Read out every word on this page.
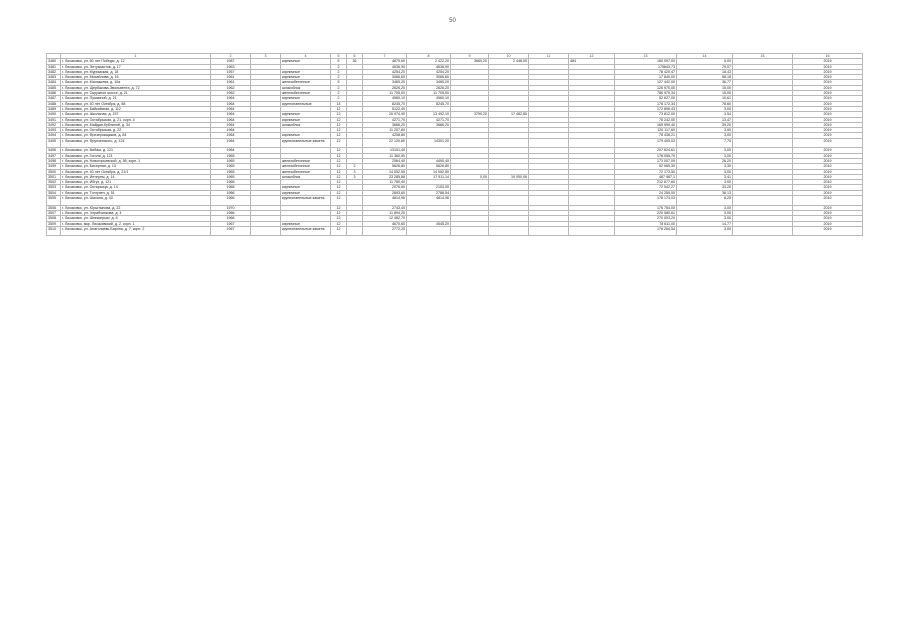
50
	1	2	3	4	5	6	7	8	9	10	11	12	13	14	15	16
3480	г. Лисаковск, ул. 60 лет Победы, д. 12	1987		кирпичные	5	36	4870,60	2 422,20	3660,20	2 448,00		484	160 097,00	5,00		2019
3481	г. Лисаковск, ул. Энтузиастов, д. 17	1963			2		4636,90	4636,90					175843,73	79,07		2019
3482	г. Лисаковск, ул. Муромская, д. 18	1957		кирпичные	2		4254,20	4254,20					78 420,47	18,43		2019
3483	г. Лисаковск, ул. Михайлова, д. 16	1961		кирпичные	2		3066,60	3066,60					17 840,00	58,18		2019
3484	г. Лисаковск, ул. Малышева, д. 10а	1961		железобетонные	5		3465,20	3465,20					127 442,00	36,77		2019
3485	г. Лисаковск, ул. Щербакова-Эвольвента, д. 72	1962		шлакоблок	2		2626,20	2626,20					126 970,00	15,00		2019
3486	г. Лисаковск, ул. Окружное шоссе, д. 21	1962		железобетонные	2		11 705,00	11 705,00					786 970,34	15,00		2019
3487	г. Лисаковск, ул. Пушкиной, д. 21	1964		кирпичные	2		4960,10	4960,10					52 627,00	10,61		2019
3488	г. Лисаковск, ул. 40 лет Октября, д. 68	1964		крупнопанельные	14		8245,70	8245,70					178 172,34	78,60		2019
3489	г. Лисаковск, ул. Байкайская, д. 112	1964			12		5122,40						172 896,43	3,00		2019
3490	г. Лисаковск, ул. Школьная, д. 157	1964		кирпичные	12		20 974,90	13 492,10	3790,20	17 482,80			73 812,00	3,54		2019
3491	г. Лисаковск, ул. Октябрьская, д. 21, корп. 4	1964		кирпичные	12		4271,70	4271,70					76 242,00	13,47		2019
3492	г. Лисаковск, ул. Майдан-Кублиной, д. 34	1964		шлакоблок	12		3666,20	3666,20					165 990,40	39,20		2019
3493	г. Лисаковск, ул. Октябрьская, д. 22	1964			12		11 207,60						120 117,60	3,00		2019
3494	г. Лисаковск, ул. Фрезеровщиков, д. 84	1964		кирпичные	12		4258,80						78 436,21	3,00		2019
3495	г. Лисаковск, ул. Фрунзенского, д. 124	1964		крупнопанельные камень	12		22 120,80	14301,20					179 405,03	7,75		2019
3496	г. Лисаковск, ул. Вибаш, д. 121	1964			12		13101,40						207 624,61	3,00		2019
3497	г. Лисаковск, ул. Гоголя, д. 121	1965			12		11 360,50						176 055,70	3,00		2019
3498	г. Лисаковск, ул. Новогорьевской, д. 56, корп. 1	1965		железобетонные	12		2564,40	4490,40					173 007,09	26,20		2019
3499	г. Лисаковск, ул. Бисерная, д. 13	1965		железобетонные	12	2	5626,80	5626,80					52 065,30	3,30		2019
3500	г. Лисаковск, ул. 40 лет Октября, д. 21/1	1965		железобетонные	12	3	14 052,50	14 052,50					72 173,50	3,00		2019
3501	г. Лисаковск, ул. Интерны, д. 14	1965		шлакоблок	12	3	23 285,88	17 511,14	0,00	19 050,06			467 987,1	3,41		2019
3502	г. Лисаковск, ул. Ибгуз, д. 121	1966			12		11 780,40						212 677,60	3,00		2019
3503	г. Лисаковск, ул. Октарьица, д. 14	1966		кирпичные	12		2076,60	2153,00					72 542,27	33,20		2019
3504	г. Лисаковск, ул. Тоглупен, д. 51	1966		кирпичные	12		2893,60	2788,54					24 259,00	38,13		2019
3505	г. Лисаковск, ул. Шахана, д. 43	1966		крупнопанельные камень	12		4814,96	4814,96					178 173,03	8,25		2019
3506	г. Лисаковск, ул. Юрштынова, д. 22	1970			12		2743,40						176 754,00	3,00		2019
3507	г. Лисаковск, ул. Чорабчинкова, д. 4	1966			12		11 894,20						220 080,61	3,00		2019
3508	г. Лисаковск, ул. Шпеккерьки, д. 6	1966			12		12 462,70						270 003,20	3,00		2019
3509	г. Лисаковск, мкр. Лисаковский, д. 2, корп. 1	1967		кирпичные	12		4670,60	4545,20					78 611,00	14,77		2019
3510	г. Лисаковск, ул. Анатолиевь Барона, д. 7, корп. 2	1967		крупнопанельные камень	12		2772,20						176 264,54	3,00		2019
